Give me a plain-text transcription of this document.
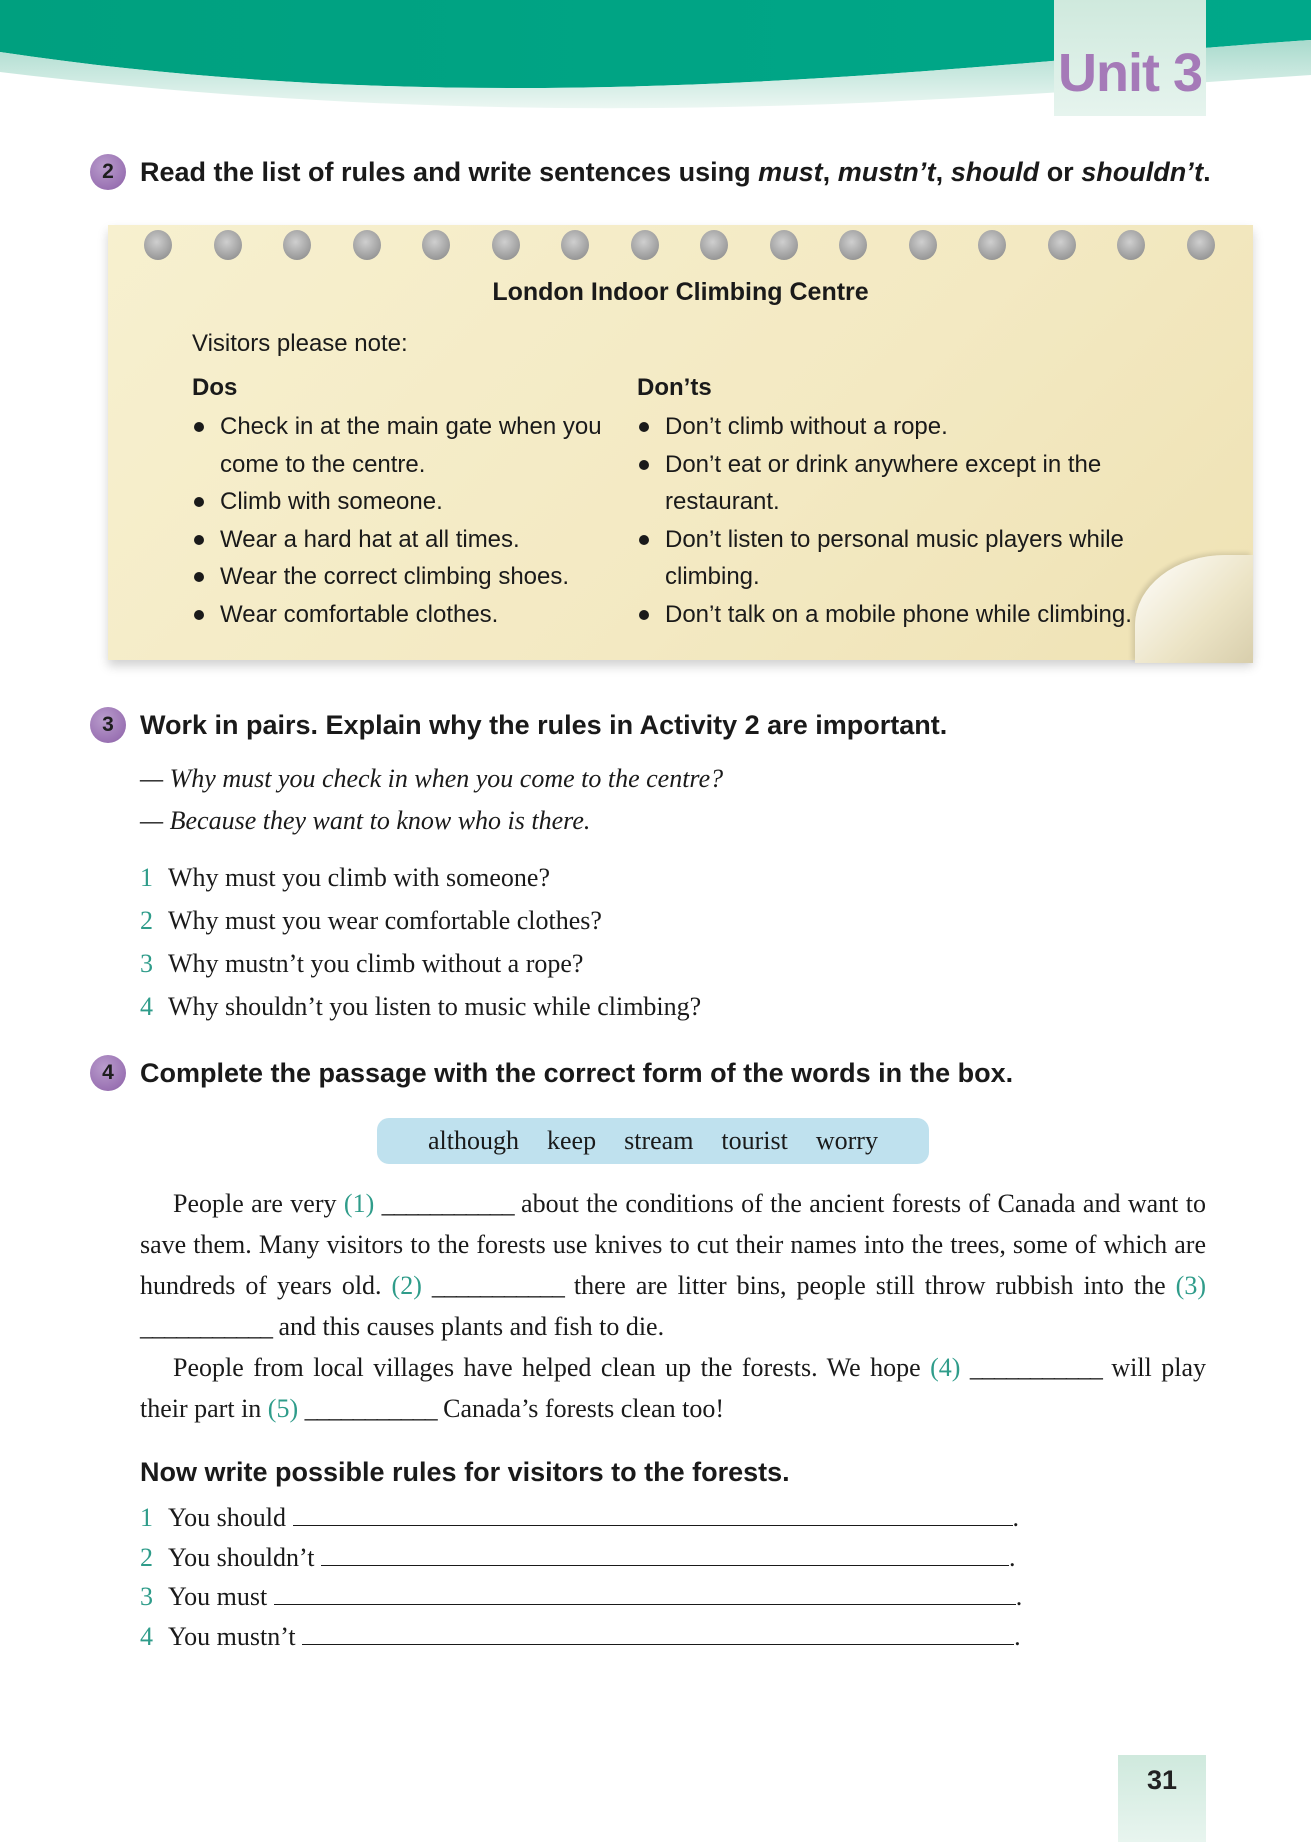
Unit 3
2 Read the list of rules and write sentences using must, mustn’t, should or shouldn’t.
London Indoor Climbing Centre
Visitors please note:
Dos	Don’ts
Check in at the main gate when you
come to the centre.
Climb with someone.
Wear a hard hat at all times.
Wear the correct climbing shoes.
Wear comfortable clothes.
Don’t climb without a rope.
Don’t eat or drink anywhere except in the
restaurant.
Don’t listen to personal music players while
climbing.
Don’t talk on a mobile phone while climbing.
3 Work in pairs. Explain why the rules in Activity 2 are important.
— Why must you check in when you come to the centre?
— Because they want to know who is there.
1 Why must you climb with someone?
2 Why must you wear comfortable clothes?
3 Why mustn’t you climb without a rope?
4 Why shouldn’t you listen to music while climbing?
4 Complete the passage with the correct form of the words in the box.
although keep stream tourist worry

People are very (1) ___________ about the conditions of the ancient forests of Canada and want to save them. Many visitors to the forests use knives to cut their names into the trees, some of which are hundreds of years old. (2) ___________ there are litter bins, people still throw rubbish into the (3) ___________ and this causes plants and fish to die.

People from local villages have helped clean up the forests. We hope (4) ___________ will play their part in (5) ___________ Canada’s forests clean too!

Now write possible rules for visitors to the forests.
1 You should	.
2 You shouldn’t	.
3 You must	.
4 You mustn’t	.
31
